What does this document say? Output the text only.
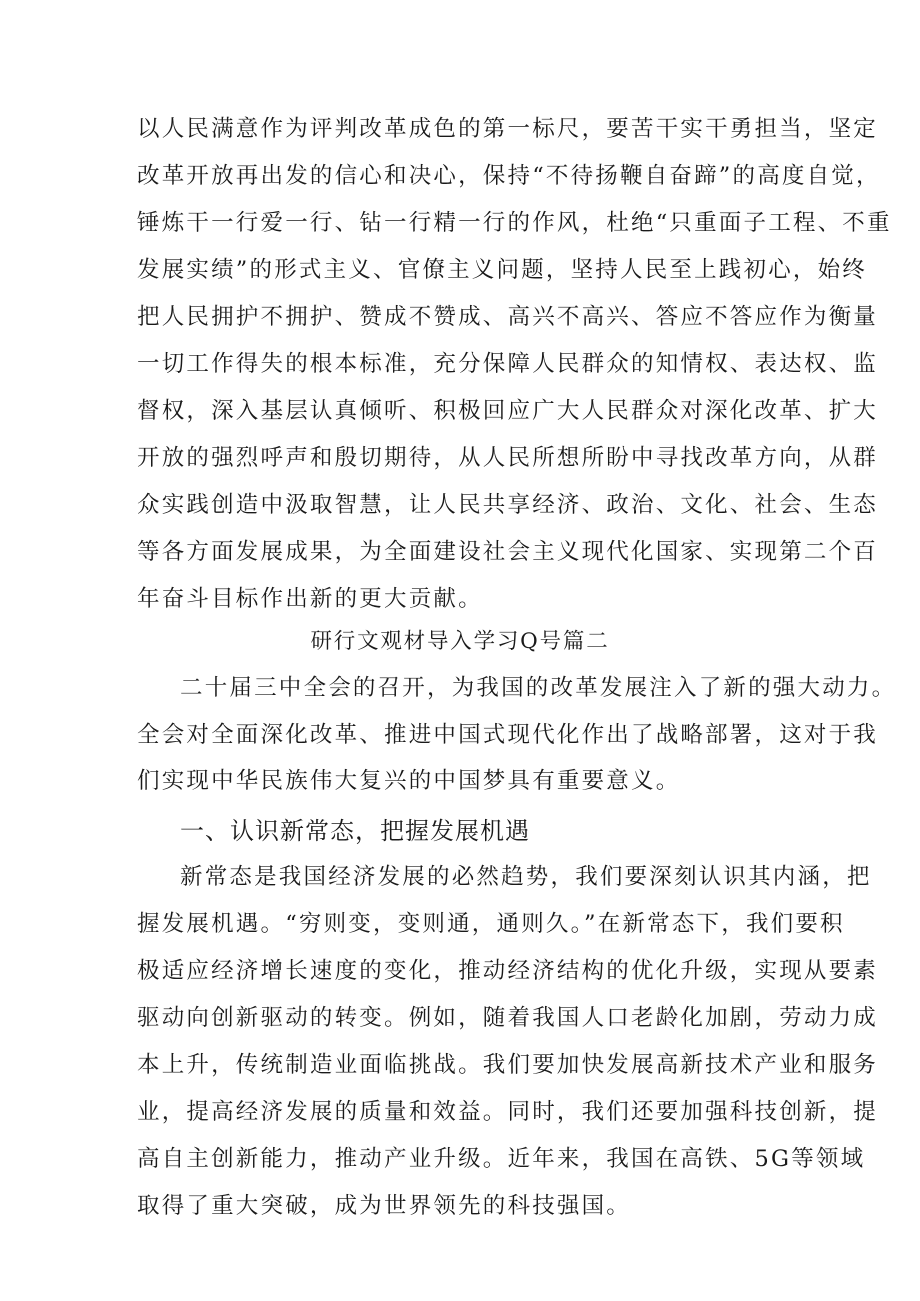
以人民满意作为评判改革成色的第一标尺，要苦干实干勇担当，坚定
改革开放再出发的信心和决心，保持“不待扬鞭自奋蹄”的高度自觉，
锤炼干一行爱一行、钻一行精一行的作风，杜绝“只重面子工程、不重
发展实绩”的形式主义、官僚主义问题，坚持人民至上践初心，始终
把人民拥护不拥护、赞成不赞成、高兴不高兴、答应不答应作为衡量
一切工作得失的根本标准，充分保障人民群众的知情权、表达权、监
督权，深入基层认真倾听、积极回应广大人民群众对深化改革、扩大
开放的强烈呼声和殷切期待，从人民所想所盼中寻找改革方向，从群
众实践创造中汲取智慧，让人民共享经济、政治、文化、社会、生态
等各方面发展成果，为全面建设社会主义现代化国家、实现第二个百
年奋斗目标作出新的更大贡献。
研行文观材导入学习Q号篇二
二十届三中全会的召开，为我国的改革发展注入了新的强大动力。
全会对全面深化改革、推进中国式现代化作出了战略部署，这对于我
们实现中华民族伟大复兴的中国梦具有重要意义。
一、认识新常态，把握发展机遇
新常态是我国经济发展的必然趋势，我们要深刻认识其内涵，把
握发展机遇。“穷则变，变则通，通则久。”在新常态下，我们要积
极适应经济增长速度的变化，推动经济结构的优化升级，实现从要素
驱动向创新驱动的转变。例如，随着我国人口老龄化加剧，劳动力成
本上升，传统制造业面临挑战。我们要加快发展高新技术产业和服务
业，提高经济发展的质量和效益。同时，我们还要加强科技创新，提
高自主创新能力，推动产业升级。近年来，我国在高铁、5G等领域
取得了重大突破，成为世界领先的科技强国。
